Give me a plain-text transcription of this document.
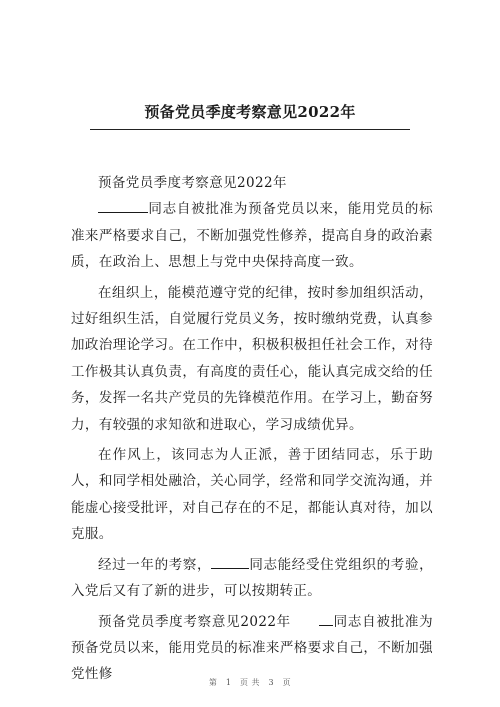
预备党员季度考察意见2022年

预备党员季度考察意见2022年

同志自被批准为预备党员以来，能用党员的标准来严格要求自己，不断加强党性修养，提高自身的政治素质，在政治上、思想上与党中央保持高度一致。

在组织上，能模范遵守党的纪律，按时参加组织活动，过好组织生活，自觉履行党员义务，按时缴纳党费，认真参加政治理论学习。在工作中，积极积极担任社会工作，对待工作极其认真负责，有高度的责任心，能认真完成交给的任务，发挥一名共产党员的先锋模范作用。在学习上，勤奋努力，有较强的求知欲和进取心，学习成绩优异。

在作风上，该同志为人正派，善于团结同志，乐于助人，和同学相处融洽，关心同学，经常和同学交流沟通，并能虚心接受批评，对自己存在的不足，都能认真对待，加以克服。

经过一年的考察，	同志能经受住党组织的考验，入党后又有了新的进步，可以按期转正。

预备党员季度考察意见2022年　　同志自被批准为预备党员以来，能用党员的标准来严格要求自己，不断加强党性修

第　1　页 共　3　页
